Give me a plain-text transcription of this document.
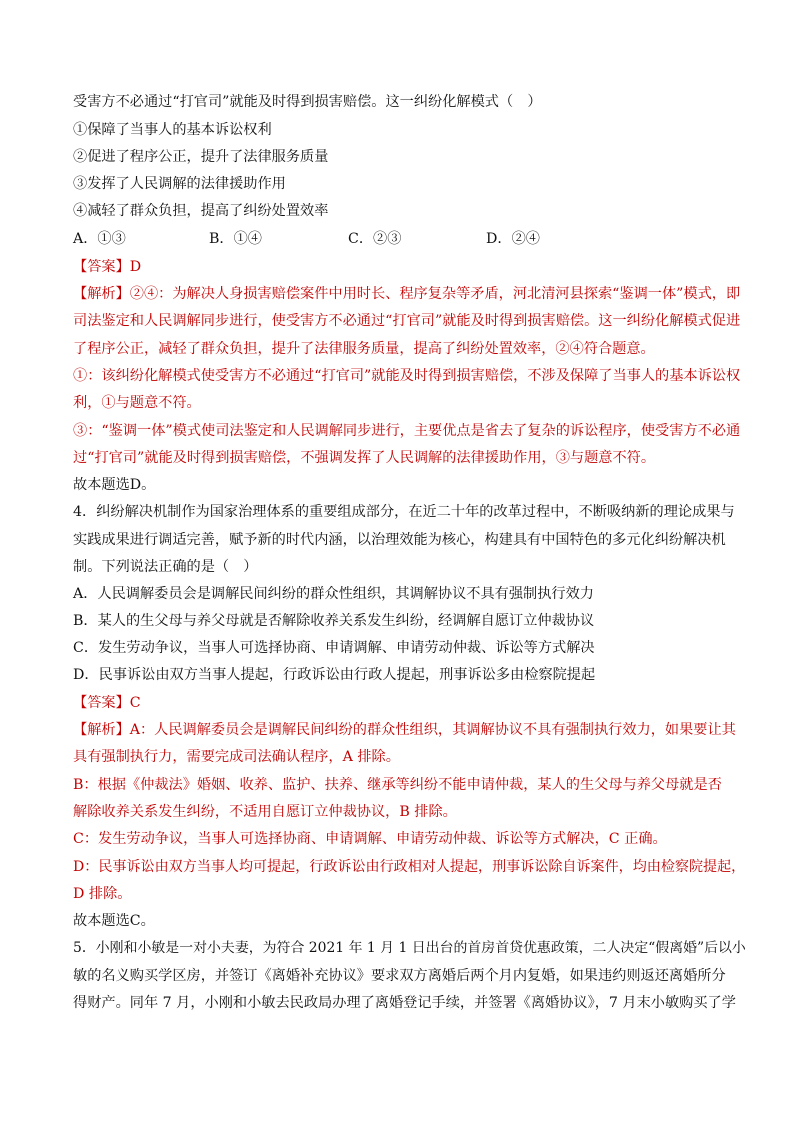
受害方不必通过“打官司”就能及时得到损害赔偿。这一纠纷化解模式（　）
①保障了当事人的基本诉讼权利
②促进了程序公正，提升了法律服务质量
③发挥了人民调解的法律援助作用
④减轻了群众负担，提高了纠纷处置效率
A．①③	B．①④	C．②③	D．②④
【答案】D
【解析】②④：为解决人身损害赔偿案件中用时长、程序复杂等矛盾，河北清河县探索“鉴调一体”模式，即
司法鉴定和人民调解同步进行，使受害方不必通过“打官司”就能及时得到损害赔偿。这一纠纷化解模式促进
了程序公正，减轻了群众负担，提升了法律服务质量，提高了纠纷处置效率，②④符合题意。
①：该纠纷化解模式使受害方不必通过“打官司”就能及时得到损害赔偿，不涉及保障了当事人的基本诉讼权
利，①与题意不符。
③：“鉴调一体”模式使司法鉴定和人民调解同步进行，主要优点是省去了复杂的诉讼程序，使受害方不必通
过“打官司”就能及时得到损害赔偿，不强调发挥了人民调解的法律援助作用，③与题意不符。
故本题选D。
4．纠纷解决机制作为国家治理体系的重要组成部分，在近二十年的改革过程中，不断吸纳新的理论成果与
实践成果进行调适完善，赋予新的时代内涵，以治理效能为核心，构建具有中国特色的多元化纠纷解决机
制。下列说法正确的是（　）
A．人民调解委员会是调解民间纠纷的群众性组织，其调解协议不具有强制执行效力
B．某人的生父母与养父母就是否解除收养关系发生纠纷，经调解自愿订立仲裁协议
C．发生劳动争议，当事人可选择协商、申请调解、申请劳动仲裁、诉讼等方式解决
D．民事诉讼由双方当事人提起，行政诉讼由行政人提起，刑事诉讼多由检察院提起
【答案】C
【解析】A：人民调解委员会是调解民间纠纷的群众性组织，其调解协议不具有强制执行效力，如果要让其
具有强制执行力，需要完成司法确认程序，A 排除。
B：根据《仲裁法》婚姻、收养、监护、扶养、继承等纠纷不能申请仲裁，某人的生父母与养父母就是否
解除收养关系发生纠纷，不适用自愿订立仲裁协议，B 排除。
C：发生劳动争议，当事人可选择协商、申请调解、申请劳动仲裁、诉讼等方式解决，C 正确。
D：民事诉讼由双方当事人均可提起，行政诉讼由行政相对人提起，刑事诉讼除自诉案件，均由检察院提起，
D 排除。
故本题选C。
5．小刚和小敏是一对小夫妻，为符合 2021 年 1 月 1 日出台的首房首贷优惠政策，二人决定“假离婚”后以小
敏的名义购买学区房，并签订《离婚补充协议》要求双方离婚后两个月内复婚，如果违约则返还离婚所分
得财产。同年 7 月，小刚和小敏去民政局办理了离婚登记手续，并签署《离婚协议》，7 月末小敏购买了学
